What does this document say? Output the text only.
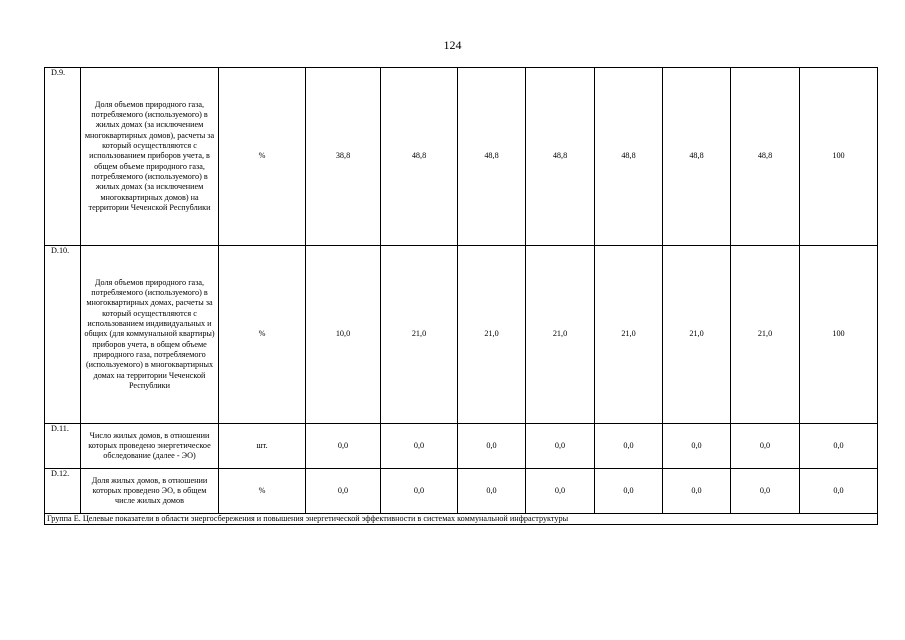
124
D.9.	Доля объемов природного газа, потребляемого (используемого) в жилых домах (за исключением многоквартирных домов), расчеты за который осуществляются с использованием приборов учета, в общем объеме природного газа, потребляемого (используемого) в жилых домах (за исключением многоквартирных домов) на территории Чеченской Республики	%	38,8	48,8	48,8	48,8	48,8	48,8	48,8	100
D.10.	Доля объемов природного газа, потребляемого (используемого) в многоквартирных домах, расчеты за который осуществляются с использованием индивидуальных и общих (для коммунальной квартиры) приборов учета, в общем объеме природного газа, потребляемого (используемого) в многоквартирных домах на территории Чеченской Республики	%	10,0	21,0	21,0	21,0	21,0	21,0	21,0	100
D.11.	Число жилых домов, в отношении которых проведено энергетическое обследование (далее - ЭО)	шт.	0,0	0,0	0,0	0,0	0,0	0,0	0,0	0,0
D.12.	Доля жилых домов, в отношении которых проведено ЭО, в общем числе жилых домов	%	0,0	0,0	0,0	0,0	0,0	0,0	0,0	0,0
Группа E. Целевые показатели в области энергосбережения и повышения энергетической эффективности в системах коммунальной инфраструктуры										
